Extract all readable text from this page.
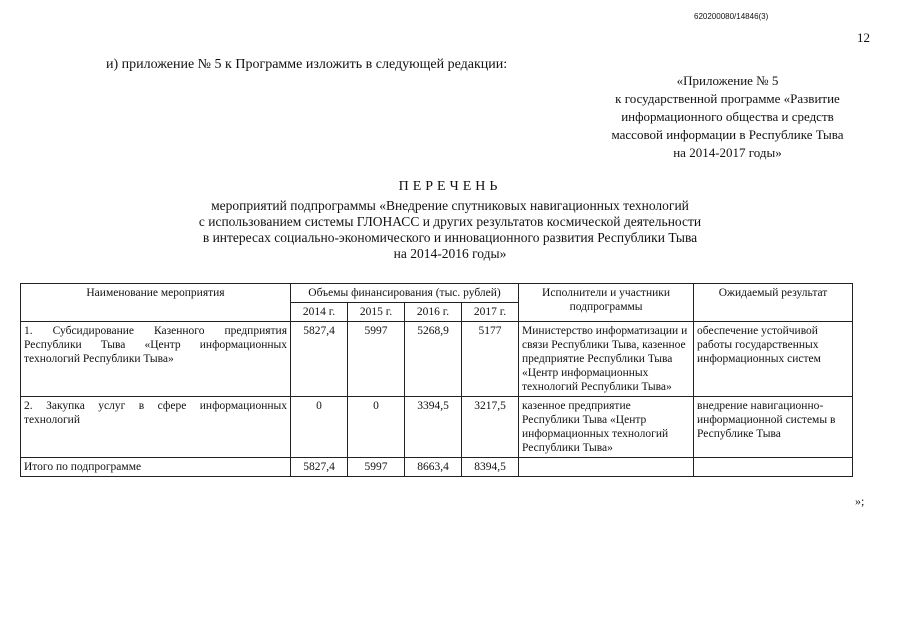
620200080/14846(3)
12
и) приложение № 5 к Программе изложить в следующей редакции:
«Приложение № 5
к государственной программе «Развитие
информационного общества и средств
массовой информации в Республике Тыва
на 2014-2017 годы»
ПЕРЕЧЕНЬ
мероприятий подпрограммы «Внедрение спутниковых навигационных технологий
с использованием системы ГЛОНАСС и других результатов космической деятельности
в интересах социально-экономического и инновационного развития Республики Тыва
на 2014-2016 годы»
Наименование мероприятия	Объемы финансирования (тыс. рублей)				Исполнители и участники подпрограммы	Ожидаемый результат
	2014 г.	2015 г.	2016 г.	2017 г.		
1. Субсидирование Казенного предприятия Республики Тыва «Центр информационных технологий Республики Тыва»	5827,4	5997	5268,9	5177	Министерство информатизации и связи Республики Тыва, казенное предприятие Республики Тыва «Центр информационных технологий Республики Тыва»	обеспечение устойчивой работы государственных информационных систем
2. Закупка услуг в сфере информационных технологий	0	0	3394,5	3217,5	казенное предприятие Республики Тыва «Центр информационных технологий Республики Тыва»	внедрение навигационно-информационной системы в Республике Тыва
Итого по подпрограмме	5827,4	5997	8663,4	8394,5		
»;
